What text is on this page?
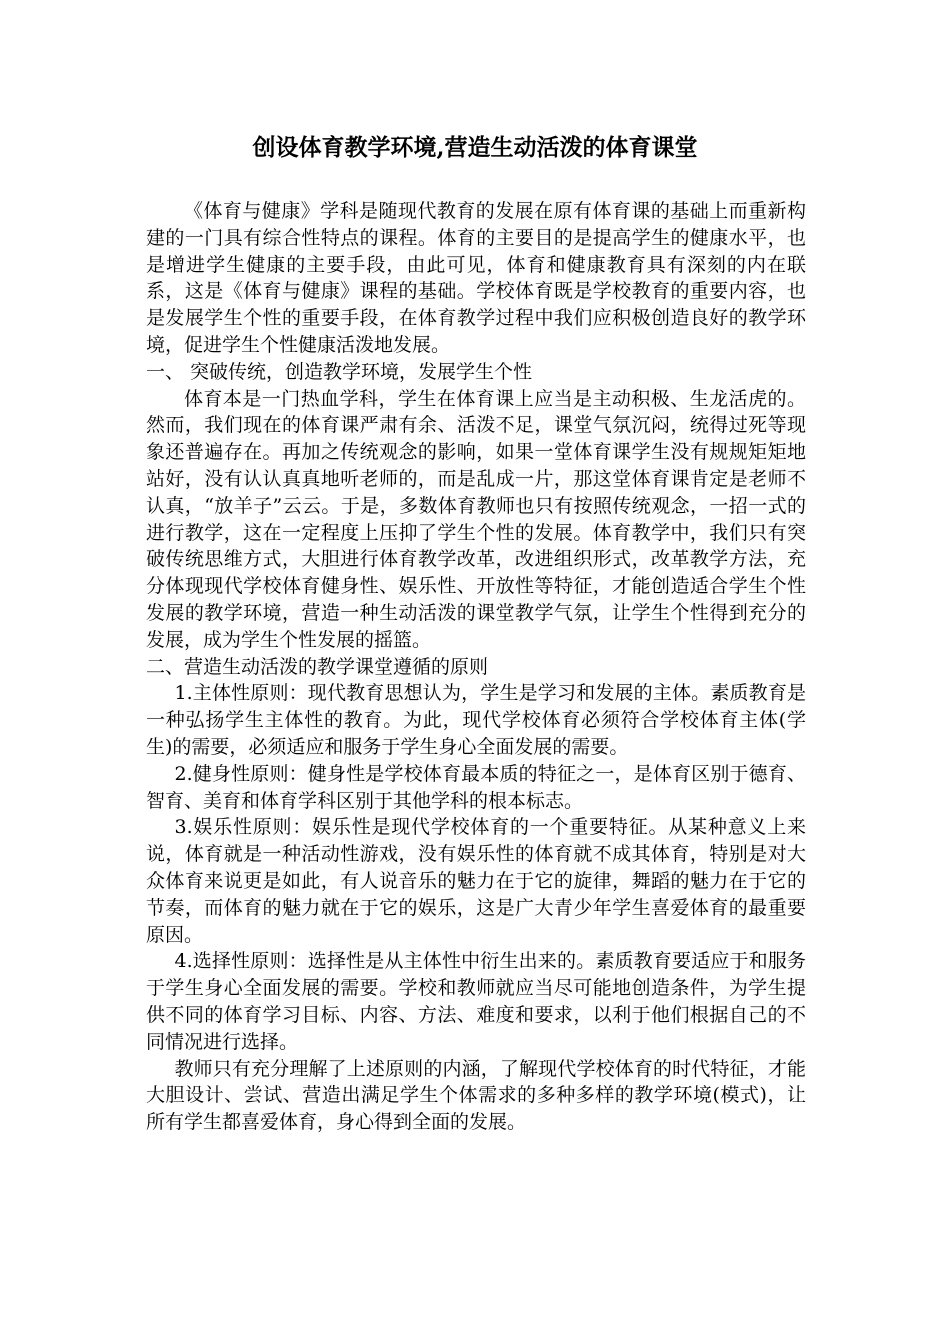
创设体育教学环境,营造生动活泼的体育课堂

《体育与健康》学科是随现代教育的发展在原有体育课的基础上而重新构建的一门具有综合性特点的课程。体育的主要目的是提高学生的健康水平，也是增进学生健康的主要手段，由此可见，体育和健康教育具有深刻的内在联系，这是《体育与健康》课程的基础。学校体育既是学校教育的重要内容，也是发展学生个性的重要手段，在体育教学过程中我们应积极创造良好的教学环境，促进学生个性健康活泼地发展。

一、 突破传统，创造教学环境，发展学生个性

体育本是一门热血学科，学生在体育课上应当是主动积极、生龙活虎的。然而，我们现在的体育课严肃有余、活泼不足，课堂气氛沉闷，统得过死等现象还普遍存在。再加之传统观念的影响，如果一堂体育课学生没有规规矩矩地站好，没有认认真真地听老师的，而是乱成一片，那这堂体育课肯定是老师不认真，“放羊子”云云。于是，多数体育教师也只有按照传统观念，一招一式的进行教学，这在一定程度上压抑了学生个性的发展。体育教学中，我们只有突破传统思维方式，大胆进行体育教学改革，改进组织形式，改革教学方法，充分体现现代学校体育健身性、娱乐性、开放性等特征，才能创造适合学生个性发展的教学环境，营造一种生动活泼的课堂教学气氛，让学生个性得到充分的发展，成为学生个性发展的摇篮。

二、营造生动活泼的教学课堂遵循的原则

1.主体性原则：现代教育思想认为，学生是学习和发展的主体。素质教育是一种弘扬学生主体性的教育。为此，现代学校体育必须符合学校体育主体(学生)的需要，必须适应和服务于学生身心全面发展的需要。

2.健身性原则：健身性是学校体育最本质的特征之一，是体育区别于德育、智育、美育和体育学科区别于其他学科的根本标志。

3.娱乐性原则：娱乐性是现代学校体育的一个重要特征。从某种意义上来说，体育就是一种活动性游戏，没有娱乐性的体育就不成其体育，特别是对大众体育来说更是如此，有人说音乐的魅力在于它的旋律，舞蹈的魅力在于它的节奏，而体育的魅力就在于它的娱乐，这是广大青少年学生喜爱体育的最重要原因。

4.选择性原则：选择性是从主体性中衍生出来的。素质教育要适应于和服务于学生身心全面发展的需要。学校和教师就应当尽可能地创造条件，为学生提供不同的体育学习目标、内容、方法、难度和要求，以利于他们根据自己的不同情况进行选择。

教师只有充分理解了上述原则的内涵，了解现代学校体育的时代特征，才能大胆设计、尝试、营造出满足学生个体需求的多种多样的教学环境(模式)，让所有学生都喜爱体育，身心得到全面的发展。
